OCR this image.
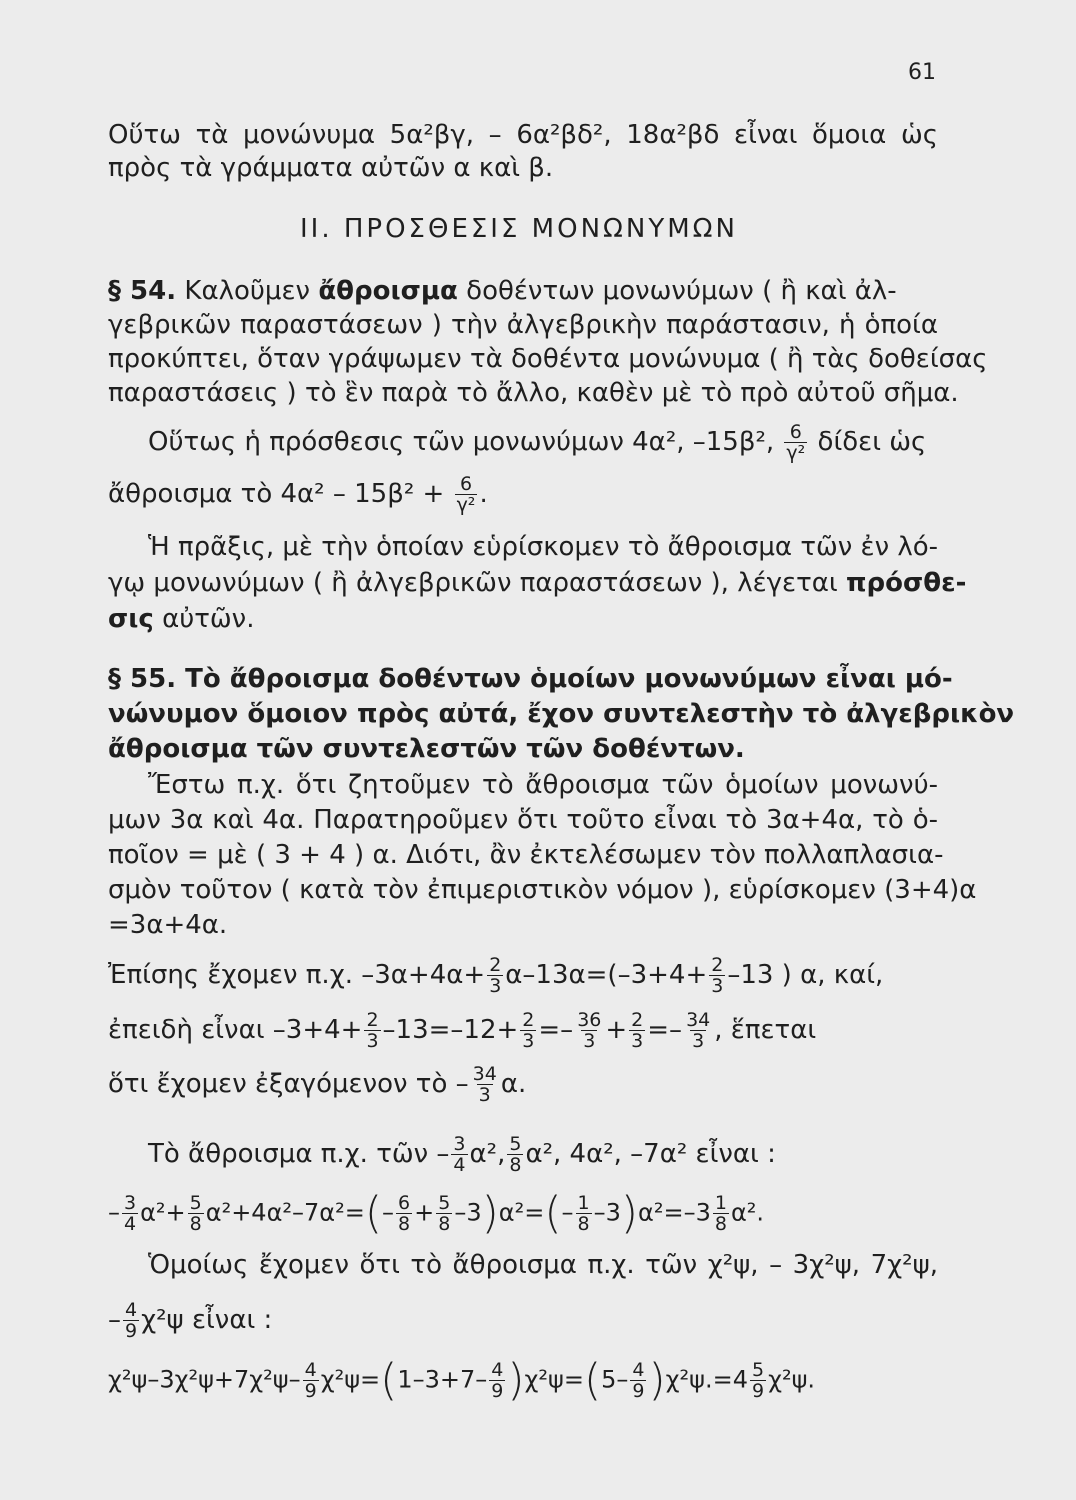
61
Οὕτω τὰ μονώνυμα 5α²βγ, – 6α²βδ², 18α²βδ εἶναι ὅμοια ὡς
πρὸς τὰ γράμματα αὐτῶν α καὶ β.
ΙΙ. ΠΡΟΣΘΕΣΙΣ ΜΟΝΩΝΥΜΩΝ
§ 54. Καλοῦμεν ἄθροισμα δοθέντων μονωνύμων ( ἢ καὶ ἀλ-
γεβρικῶν παραστάσεων ) τὴν ἀλγεβρικὴν παράστασιν, ἡ ὁποία
προκύπτει, ὅταν γράψωμεν τὰ δοθέντα μονώνυμα ( ἢ τὰς δοθείσας
παραστάσεις ) τὸ ἓν παρὰ τὸ ἄλλο, καθὲν μὲ τὸ πρὸ αὐτοῦ σῆμα.
Οὕτως ἡ πρόσθεσις τῶν μονωνύμων 4α², –15β², $\frac{6}{\text{γ²}}$ δίδει ὡς
ἄθροισμα τὸ $4\alpha^2 - 15\beta^2 + \frac{6}{\text{γ²}}$ .
Ἡ πρᾶξις, μὲ τὴν ὁποίαν εὑρίσκομεν τὸ ἄθροισμα τῶν ἐν λό-
γῳ μονωνύμων ( ἢ ἀλγεβρικῶν παραστάσεων ), λέγεται πρόσθε-
σις αὐτῶν.
§ 55. Τὸ ἄθροισμα δοθέντων ὁμοίων μονωνύμων εἶναι μό-
νώνυμον ὅμοιον πρὸς αὐτά, ἔχον συντελεστὴν τὸ ἀλγεβρικὸν
ἄθροισμα τῶν συντελεστῶν τῶν δοθέντων.
Ἔστω π.χ. ὅτι ζητοῦμεν τὸ ἄθροισμα τῶν ὁμοίων μονωνύ-
μων 3α καὶ 4α. Παρατηροῦμεν ὅτι τοῦτο εἶναι τὸ 3α+4α, τὸ ὁ-
ποῖον = μὲ ( 3 + 4 ) α. Διότι, ἂν ἐκτελέσωμεν τὸν πολλαπλασια-
σμὸν τοῦτον ( κατὰ τὸν ἐπιμεριστικὸν νόμον ), εὑρίσκομεν (3+4)α
=3α+4α.
Ἐπίσης ἔχομεν π.χ. $-3\alpha+4\alpha+ \frac{2}{3} \alpha-13\alpha=(-3+4+ \frac{2}{3} -13$ ) α, καί,
ἐπειδὴ εἶναι $-3+4+ \frac{2}{3} -13=-12+ \frac{2}{3} =- \frac{36}{3} + \frac{2}{3} =- \frac{34}{3}$ , ἕπεται
ὅτι ἔχομεν ἐξαγόμενον τὸ – $\frac{34}{3} \alpha$.
Τὸ ἄθροισμα π.χ. τῶν – $\frac{3}{4} \alpha^2$, $\frac{5}{8} \alpha^2$, 4α², –7α² εἶναι :
– $\frac{3}{4} \alpha^2+ \frac{5}{8} \alpha^2+4\alpha^2-7\alpha^2=(- \frac{6}{8} + \frac{5}{8} -3)\alpha^2=(- \frac{1}{8} -3)\alpha^2=-3 \frac{1}{8} \alpha^2$.
Ὁμοίως ἔχομεν ὅτι τὸ ἄθροισμα π.χ. τῶν χ²ψ, – 3χ²ψ, 7χ²ψ,
– $\frac{4}{9} \chi^2\psi$ εἶναι :
$\chi^2\psi-3\chi^2\psi+7\chi^2\psi- \frac{4}{9} \chi^2\psi=(1-3+7- \frac{4}{9} )\chi^2\psi=(5- \frac{4}{9} )\chi^2\psi.=4 \frac{5}{9} \chi^2\psi$.
